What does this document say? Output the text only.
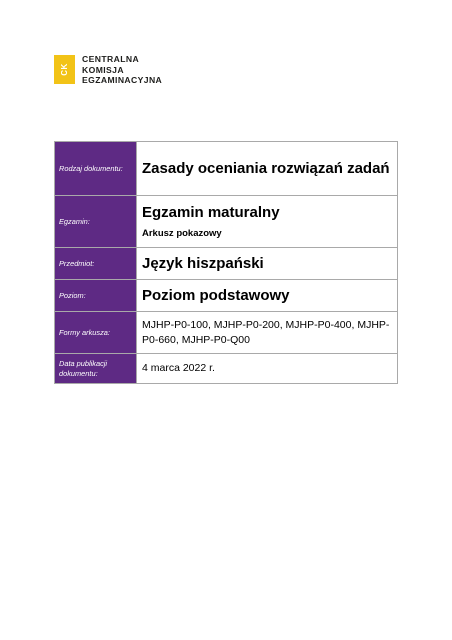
CK
CENTRALNA
KOMISJA
EGZAMINACYJNA
Rodzaj dokumentu:	Zasady oceniania rozwiązań zadań

Egzamin:	Egzamin maturalny
Arkusz pokazowy

Przedmiot:	Język hiszpański

Poziom:	Poziom podstawowy

Formy arkusza:	MJHP-P0-100, MJHP-P0-200, MJHP-P0-400, MJHP-P0-660, MJHP-P0-Q00

Data publikacji dokumentu:	4 marca 2022 r.
